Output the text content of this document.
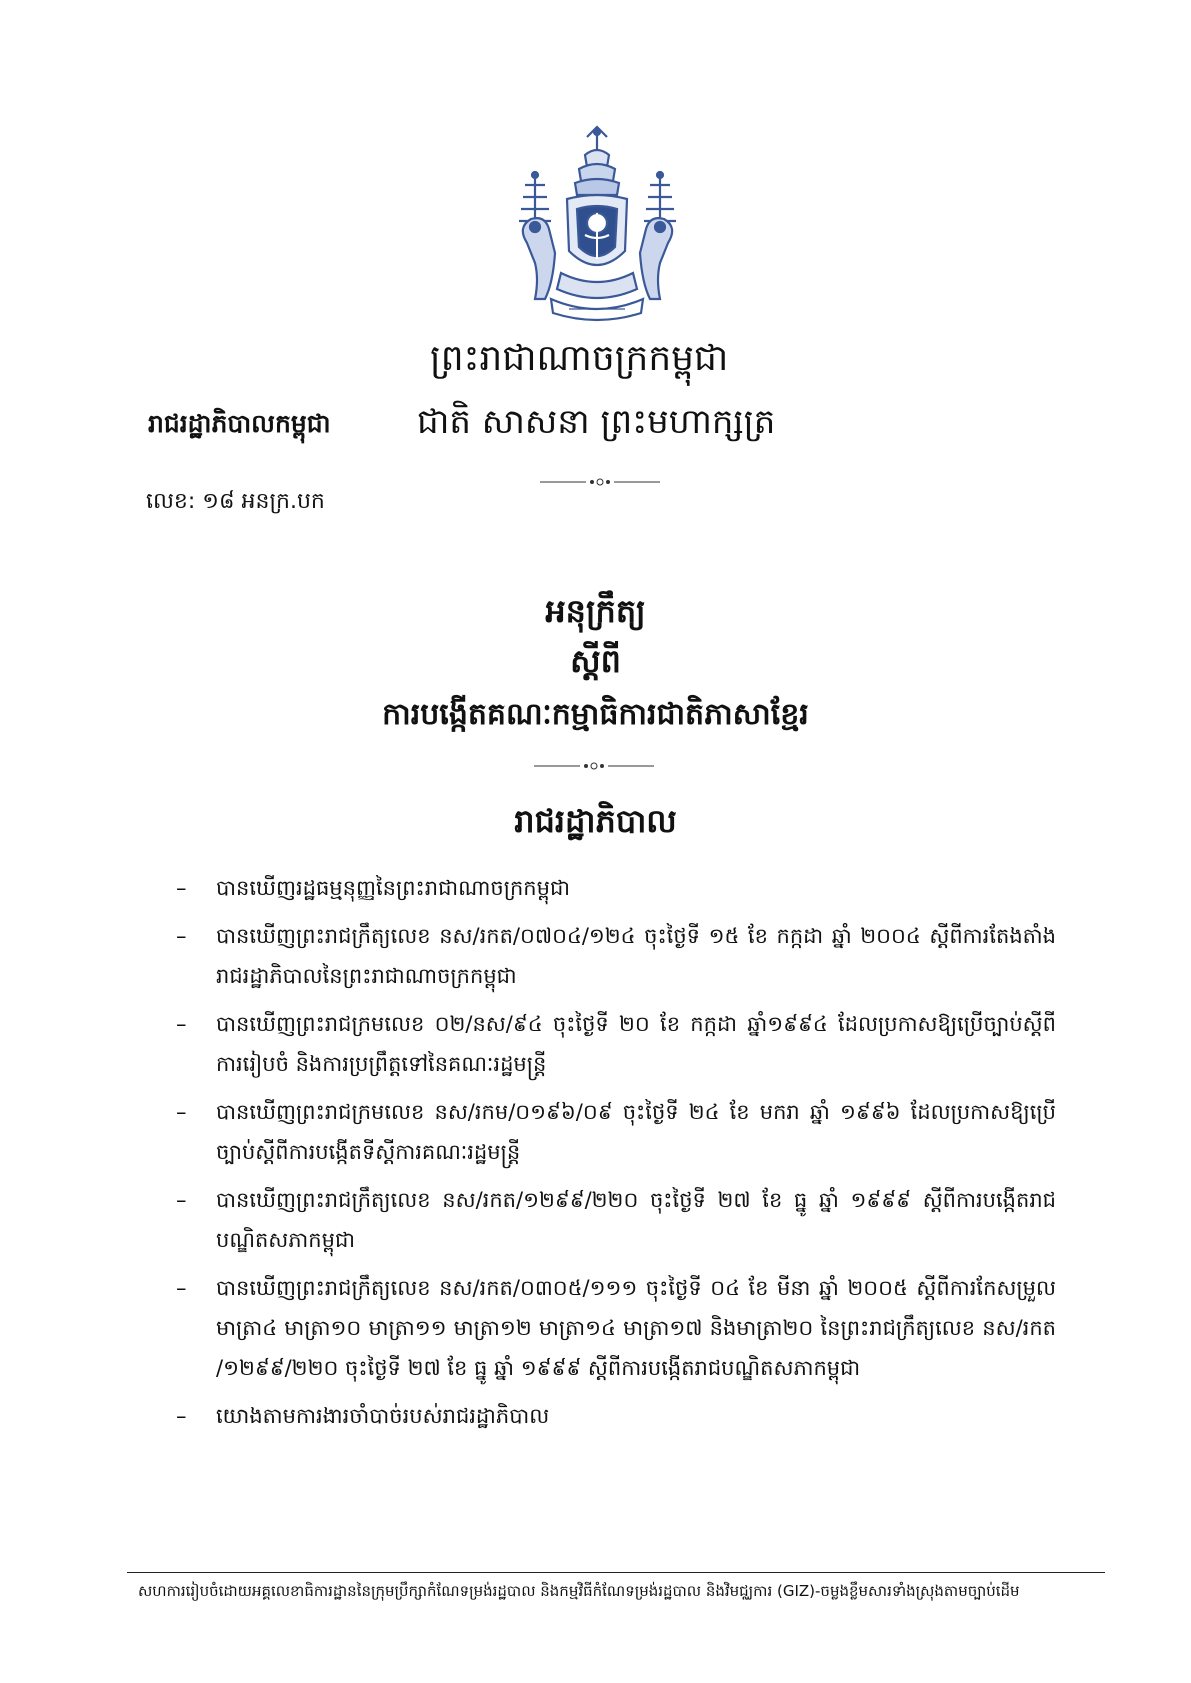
ព្រះរាជាណាចក្រកម្ពុជា
រាជរដ្ឋាភិបាលកម្ពុជា	ជាតិ សាសនា ព្រះមហាក្សត្រ
លេខ: ១៨ អនក្រ.បក
អនុក្រឹត្យ
ស្តីពី
ការបង្កើតគណៈកម្មាធិការជាតិភាសាខ្មែរ
រាជរដ្ឋាភិបាល
– បានឃើញរដ្ឋធម្មនុញ្ញនៃព្រះរាជាណាចក្រកម្ពុជា
– បានឃើញព្រះរាជក្រឹត្យលេខ នស/រកត/០៧០៤/១២៤ ចុះថ្ងៃទី ១៥ ខែ កក្កដា ឆ្នាំ ២០០៤ ស្តីពីការតែងតាំងរាជរដ្ឋាភិបាលនៃព្រះរាជាណាចក្រកម្ពុជា
– បានឃើញព្រះរាជក្រមលេខ ០២/នស/៩៤ ចុះថ្ងៃទី ២០ ខែ កក្កដា ឆ្នាំ១៩៩៤ ដែលប្រកាសឱ្យប្រើច្បាប់ស្តីពីការរៀបចំ និងការប្រព្រឹត្តទៅនៃគណៈរដ្ឋមន្ត្រី
– បានឃើញព្រះរាជក្រមលេខ នស/រកម/០១៩៦/០៩ ចុះថ្ងៃទី ២៤ ខែ មករា ឆ្នាំ ១៩៩៦ ដែលប្រកាសឱ្យប្រើច្បាប់ស្តីពីការបង្កើតទីស្តីការគណៈរដ្ឋមន្ត្រី
– បានឃើញព្រះរាជក្រឹត្យលេខ នស/រកត/១២៩៩/២២០ ចុះថ្ងៃទី ២៧ ខែ ធ្នូ ឆ្នាំ ១៩៩៩ ស្តីពីការបង្កើតរាជបណ្ឌិតសភាកម្ពុជា
– បានឃើញព្រះរាជក្រឹត្យលេខ នស/រកត/០៣០៥/១១១ ចុះថ្ងៃទី ០៤ ខែ មីនា ឆ្នាំ ២០០៥ ស្តីពីការកែសម្រួលមាត្រា៤ មាត្រា១០ មាត្រា១១ មាត្រា១២ មាត្រា១៤ មាត្រា១៧ និងមាត្រា២០ នៃព្រះរាជក្រឹត្យលេខ នស/រកត /១២៩៩/២២០ ចុះថ្ងៃទី ២៧ ខែ ធ្នូ ឆ្នាំ ១៩៩៩ ស្តីពីការបង្កើតរាជបណ្ឌិតសភាកម្ពុជា
– យោងតាមការងារចាំបាច់របស់រាជរដ្ឋាភិបាល
សហការរៀបចំដោយអគ្គលេខាធិការដ្ឋាននៃក្រុមប្រឹក្សាកំណែទម្រង់រដ្ឋបាល និងកម្មវិធីកំណែទម្រង់រដ្ឋបាល និងវិមជ្ឈការ (GIZ)-ចម្លងខ្លឹមសារទាំងស្រុងតាមច្បាប់ដើម
